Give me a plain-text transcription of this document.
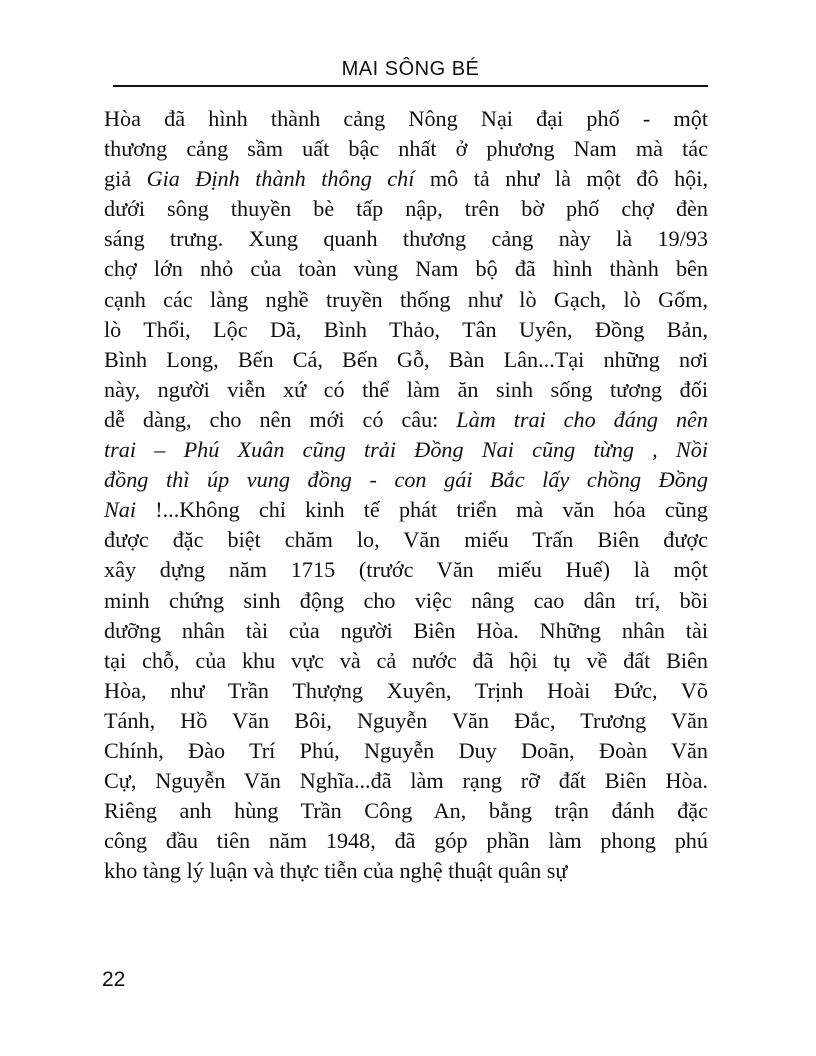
MAI SÔNG BÉ
Hòa đã hình thành cảng Nông Nại đại phố - một
thương cảng sầm uất bậc nhất ở phương Nam mà tác
giả Gia Định thành thông chí mô tả như là một đô hội,
dưới sông thuyền bè tấp nập, trên bờ phố chợ đèn
sáng trưng. Xung quanh thương cảng này là 19/93
chợ lớn nhỏ của toàn vùng Nam bộ đã hình thành bên
cạnh các làng nghề truyền thống như lò Gạch, lò Gốm,
lò Thổi, Lộc Dã, Bình Thảo, Tân Uyên, Đồng Bản,
Bình Long, Bến Cá, Bến Gỗ, Bàn Lân...Tại những nơi
này, người viễn xứ có thể làm ăn sinh sống tương đối
dễ dàng, cho nên mới có câu: Làm trai cho đáng nên
trai – Phú Xuân cũng trải Đồng Nai cũng từng , Nồi
đồng thì úp vung đồng - con gái Bắc lấy chồng Đồng
Nai !...Không chỉ kinh tế phát triển mà văn hóa cũng
được đặc biệt chăm lo, Văn miếu Trấn Biên được
xây dựng năm 1715 (trước Văn miếu Huế) là một
minh chứng sinh động cho việc nâng cao dân trí, bồi
dưỡng nhân tài của người Biên Hòa. Những nhân tài
tại chỗ, của khu vực và cả nước đã hội tụ về đất Biên
Hòa, như Trần Thượng Xuyên, Trịnh Hoài Đức, Võ
Tánh, Hồ Văn Bôi, Nguyễn Văn Đắc, Trương Văn
Chính, Đào Trí Phú, Nguyễn Duy Doãn, Đoàn Văn
Cự, Nguyễn Văn Nghĩa...đã làm rạng rỡ đất Biên Hòa.
Riêng anh hùng Trần Công An, bằng trận đánh đặc
công đầu tiên năm 1948, đã góp phần làm phong phú
kho tàng lý luận và thực tiễn của nghệ thuật quân sự
22
